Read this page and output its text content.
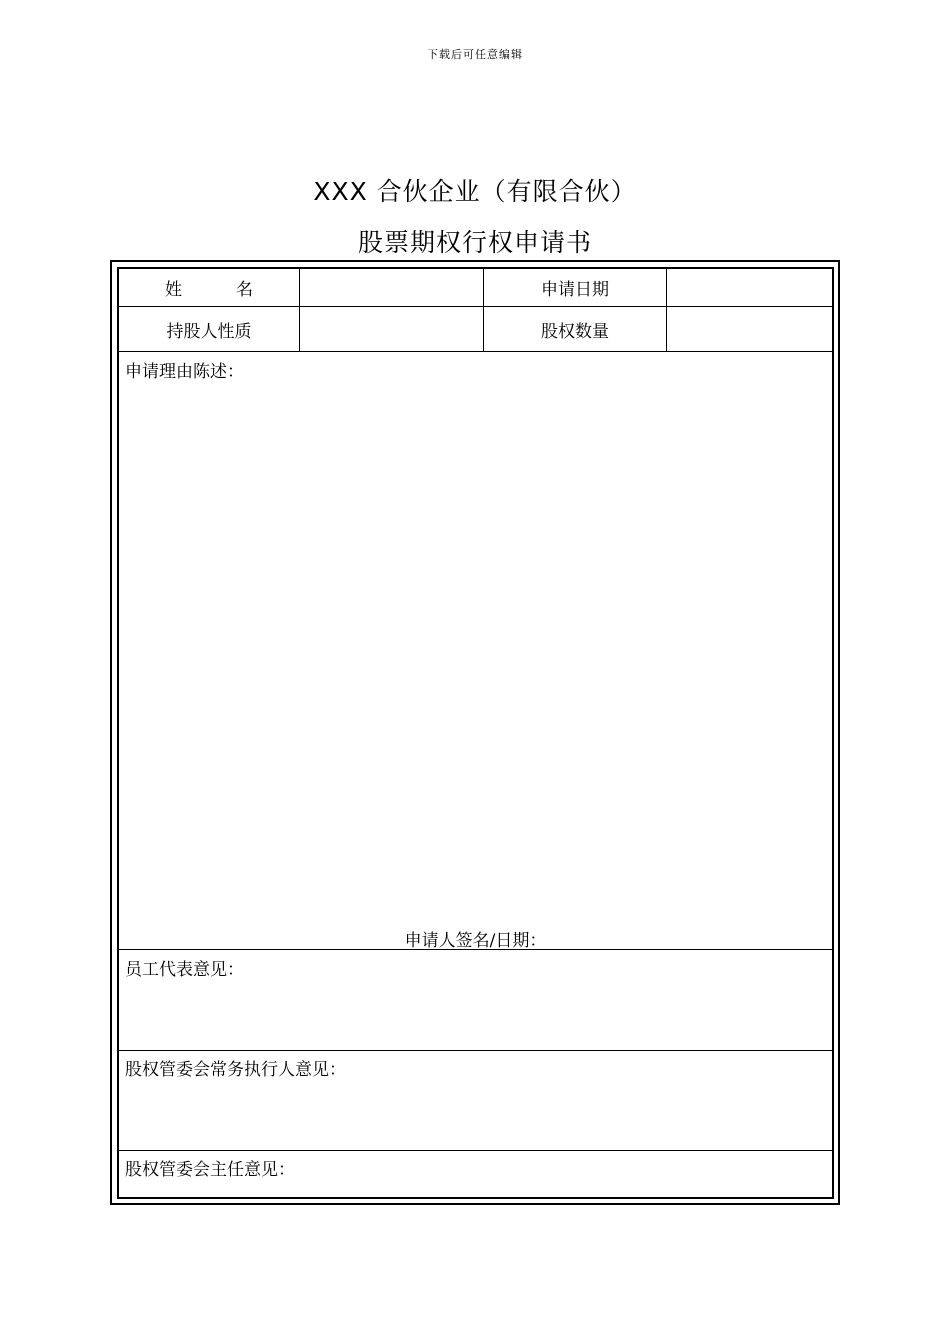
下载后可任意编辑
XXX 合伙企业（有限合伙）
股票期权行权申请书
姓名	申请日期
持股人性质	股权数量
申请理由陈述：
申请人签名/日期：
员工代表意见：
股权管委会常务执行人意见：
股权管委会主任意见：
